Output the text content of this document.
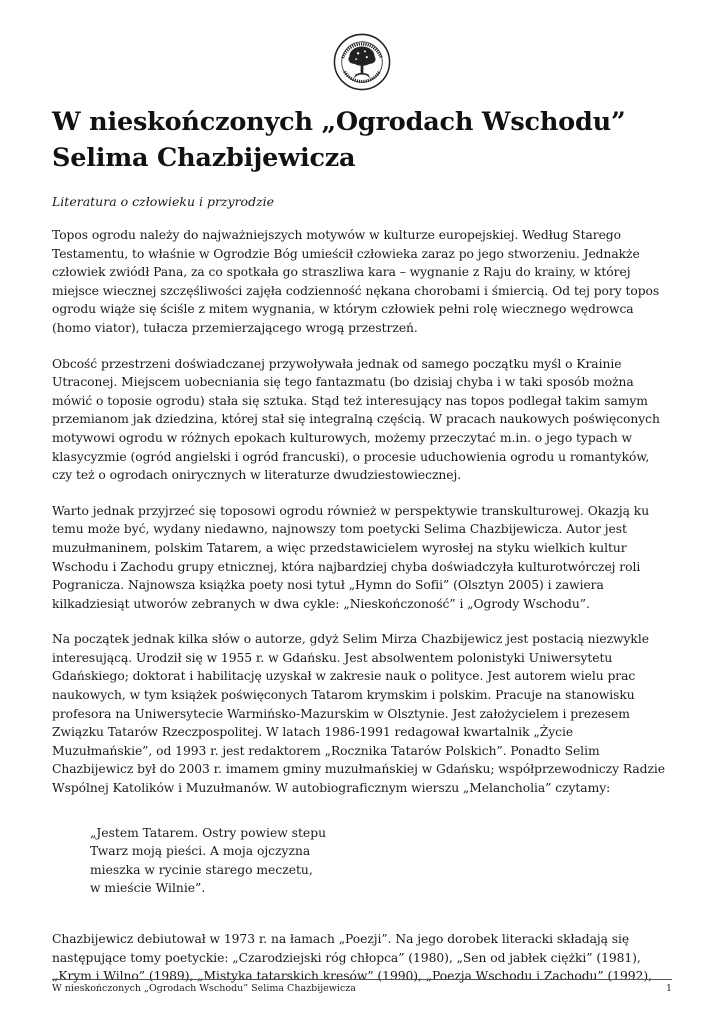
W nieskończonych „Ogrodach Wschodu”
Selima Chazbijewicza

Literatura o człowieku i przyrodzie

Topos ogrodu należy do najważniejszych motywów w kulturze europejskiej. Według Starego Testamentu, to właśnie w Ogrodzie Bóg umieścił człowieka zaraz po jego stworzeniu. Jednakże człowiek zwiódł Pana, za co spotkała go straszliwa kara – wygnanie z Raju do krainy, w której miejsce wiecznej szczęśliwości zajęła codzienność nękana chorobami i śmiercią. Od tej pory topos ogrodu wiąże się ściśle z mitem wygnania, w którym człowiek pełni rolę wiecznego wędrowca (homo viator), tułacza przemierzającego wrogą przestrzeń.

Obcość przestrzeni doświadczanej przywoływała jednak od samego początku myśl o Krainie Utraconej. Miejscem uobecniania się tego fantazmatu (bo dzisiaj chyba i w taki sposób można mówić o toposie ogrodu) stała się sztuka. Stąd też interesujący nas topos podlegał takim samym przemianom jak dziedzina, której stał się integralną częścią. W pracach naukowych poświęconych motywowi ogrodu w różnych epokach kulturowych, możemy przeczytać m.in. o jego typach w klasycyzmie (ogród angielski i ogród francuski), o procesie uduchowienia ogrodu u romantyków, czy też o ogrodach onirycznych w literaturze dwudziestowiecznej.

Warto jednak przyjrzeć się toposowi ogrodu również w perspektywie transkulturowej. Okazją ku temu może być, wydany niedawno, najnowszy tom poetycki Selima Chazbijewicza. Autor jest muzułmaninem, polskim Tatarem, a więc przedstawicielem wyrosłej na styku wielkich kultur Wschodu i Zachodu grupy etnicznej, która najbardziej chyba doświadczyła kulturotwórczej roli Pogranicza. Najnowsza książka poety nosi tytuł „Hymn do Sofii” (Olsztyn 2005) i zawiera kilkadziesiąt utworów zebranych w dwa cykle: „Nieskończoność” i „Ogrody Wschodu”.

Na początek jednak kilka słów o autorze, gdyż Selim Mirza Chazbijewicz jest postacią niezwykle interesującą. Urodził się w 1955 r. w Gdańsku. Jest absolwentem polonistyki Uniwersytetu Gdańskiego; doktorat i habilitację uzyskał w zakresie nauk o polityce. Jest autorem wielu prac naukowych, w tym książek poświęconych Tatarom krymskim i polskim. Pracuje na stanowisku profesora na Uniwersytecie Warmińsko-Mazurskim w Olsztynie. Jest założycielem i prezesem Związku Tatarów Rzeczpospolitej. W latach 1986-1991 redagował kwartalnik „Życie Muzułmańskie”, od 1993 r. jest redaktorem „Rocznika Tatarów Polskich”. Ponadto Selim Chazbijewicz był do 2003 r. imamem gminy muzułmańskiej w Gdańsku; współprzewodniczy Radzie Wspólnej Katolików i Muzułmanów. W autobiograficznym wierszu „Melancholia” czytamy:

„Jestem Tatarem. Ostry powiew stepu
Twarz moją pieści. A moja ojczyzna
mieszka w rycinie starego meczetu,
w mieście Wilnie”.

Chazbijewicz debiutował w 1973 r. na łamach „Poezji”. Na jego dorobek literacki składają się następujące tomy poetyckie: „Czarodziejski róg chłopca” (1980), „Sen od jabłek ciężki” (1981), „Krym i Wilno” (1989), „Mistyka tatarskich kresów” (1990), „Poezja Wschodu i Zachodu” (1992),

W nieskończonych „Ogrodach Wschodu” Selima Chazbijewicza	1
